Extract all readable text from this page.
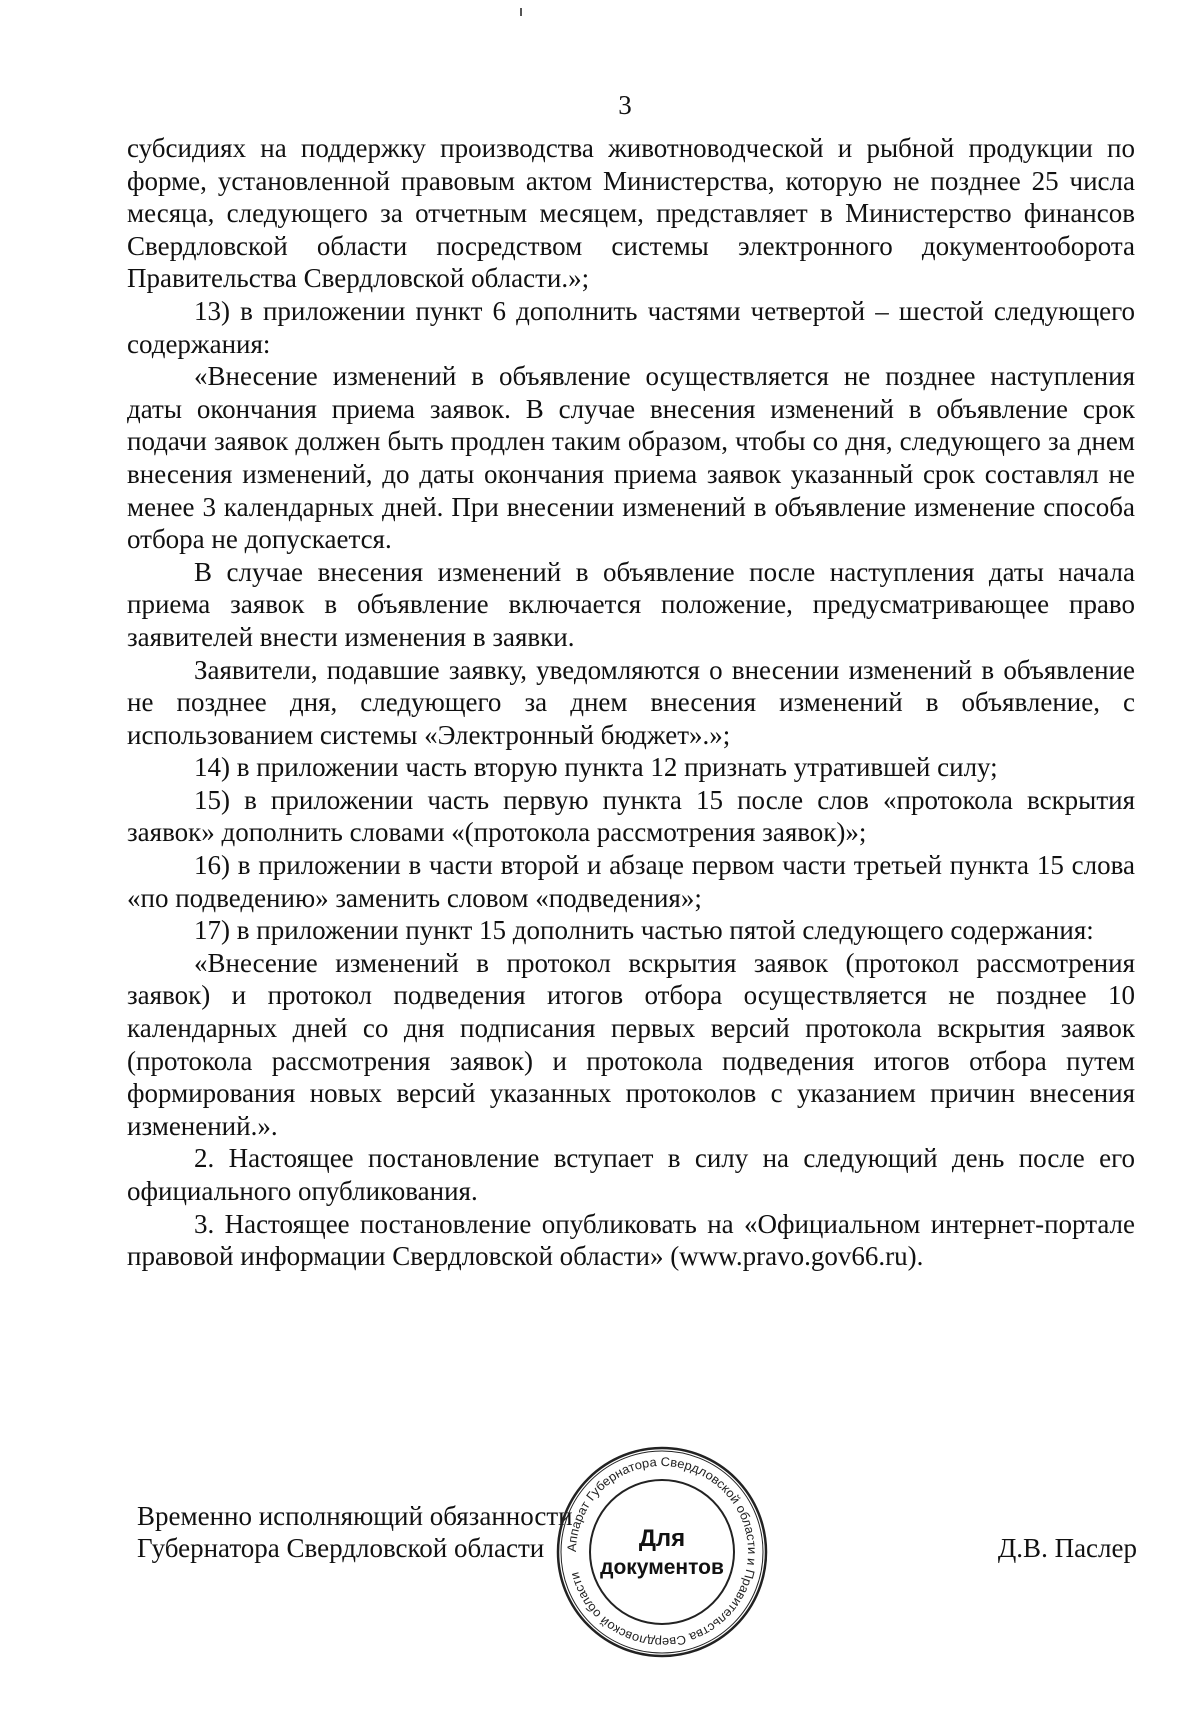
3

субсидиях на поддержку производства животноводческой и рыбной продукции по форме, установленной правовым актом Министерства, которую не позднее 25 числа месяца, следующего за отчетным месяцем, представляет в Министерство финансов Свердловской области посредством системы электронного документооборота Правительства Свердловской области.»;

13) в приложении пункт 6 дополнить частями четвертой – шестой следующего содержания:

«Внесение изменений в объявление осуществляется не позднее наступления даты окончания приема заявок. В случае внесения изменений в объявление срок подачи заявок должен быть продлен таким образом, чтобы со дня, следующего за днем внесения изменений, до даты окончания приема заявок указанный срок составлял не менее 3 календарных дней. При внесении изменений в объявление изменение способа отбора не допускается.

В случае внесения изменений в объявление после наступления даты начала приема заявок в объявление включается положение, предусматривающее право заявителей внести изменения в заявки.

Заявители, подавшие заявку, уведомляются о внесении изменений в объявление не позднее дня, следующего за днем внесения изменений в объявление, с использованием системы «Электронный бюджет».»;

14) в приложении часть вторую пункта 12 признать утратившей силу;

15) в приложении часть первую пункта 15 после слов «протокола вскрытия заявок» дополнить словами «(протокола рассмотрения заявок)»;

16) в приложении в части второй и абзаце первом части третьей пункта 15 слова «по подведению» заменить словом «подведения»;

17) в приложении пункт 15 дополнить частью пятой следующего содержания:

«Внесение изменений в протокол вскрытия заявок (протокол рассмотрения заявок) и протокол подведения итогов отбора осуществляется не позднее 10 календарных дней со дня подписания первых версий протокола вскрытия заявок (протокола рассмотрения заявок) и протокола подведения итогов отбора путем формирования новых версий указанных протоколов с указанием причин внесения изменений.».

2. Настоящее постановление вступает в силу на следующий день после его официального опубликования.

3. Настоящее постановление опубликовать на «Официальном интернет-портале правовой информации Свердловской области» (www.pravo.gov66.ru).

Временно исполняющий обязанности
Губернатора Свердловской области	Д.В. Паслер
Аппарат Губернатора Свердловской области и Правительства Свердловской области
Для
документов
